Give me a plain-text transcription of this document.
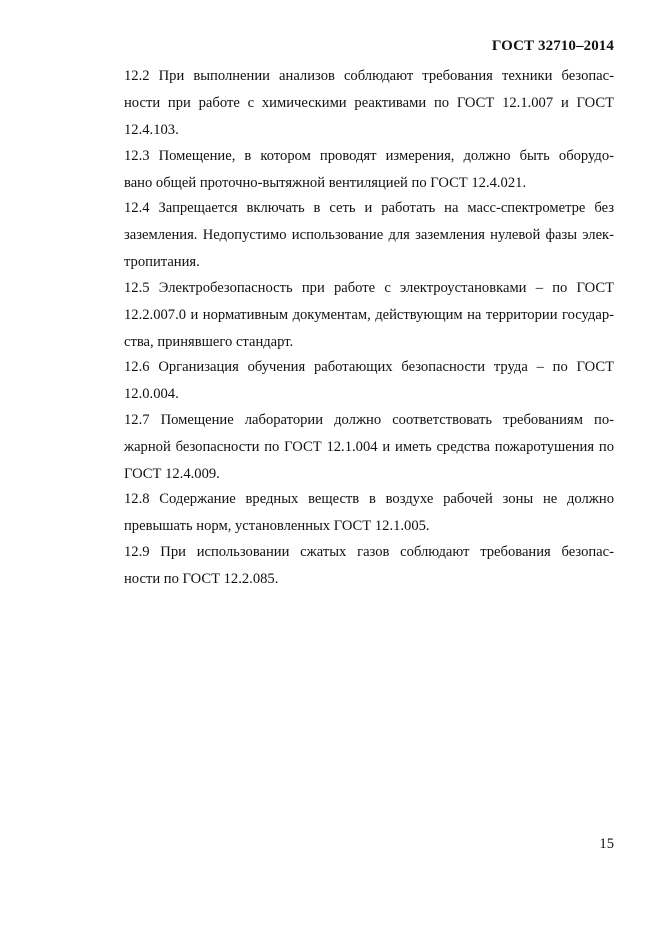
ГОСТ 32710–2014
12.2 При выполнении анализов соблюдают требования техники безопас-
ности при работе с химическими реактивами по ГОСТ 12.1.007 и ГОСТ
12.4.103.
12.3 Помещение, в котором проводят измерения, должно быть оборудо-
вано общей проточно-вытяжной вентиляцией по ГОСТ 12.4.021.
12.4 Запрещается включать в сеть и работать на масс-спектрометре без
заземления. Недопустимо использование для заземления нулевой фазы элек-
тропитания.
12.5 Электробезопасность при работе с электроустановками – по ГОСТ
12.2.007.0 и нормативным документам, действующим на территории государ-
ства, принявшего стандарт.
12.6 Организация обучения работающих безопасности труда – по ГОСТ
12.0.004.
12.7 Помещение лаборатории должно соответствовать требованиям по-
жарной безопасности по ГОСТ 12.1.004 и иметь средства пожаротушения по
ГОСТ 12.4.009.
12.8 Содержание вредных веществ в воздухе рабочей зоны не должно
превышать норм, установленных ГОСТ 12.1.005.
12.9 При использовании сжатых газов соблюдают требования безопас-
ности по ГОСТ 12.2.085.
15
